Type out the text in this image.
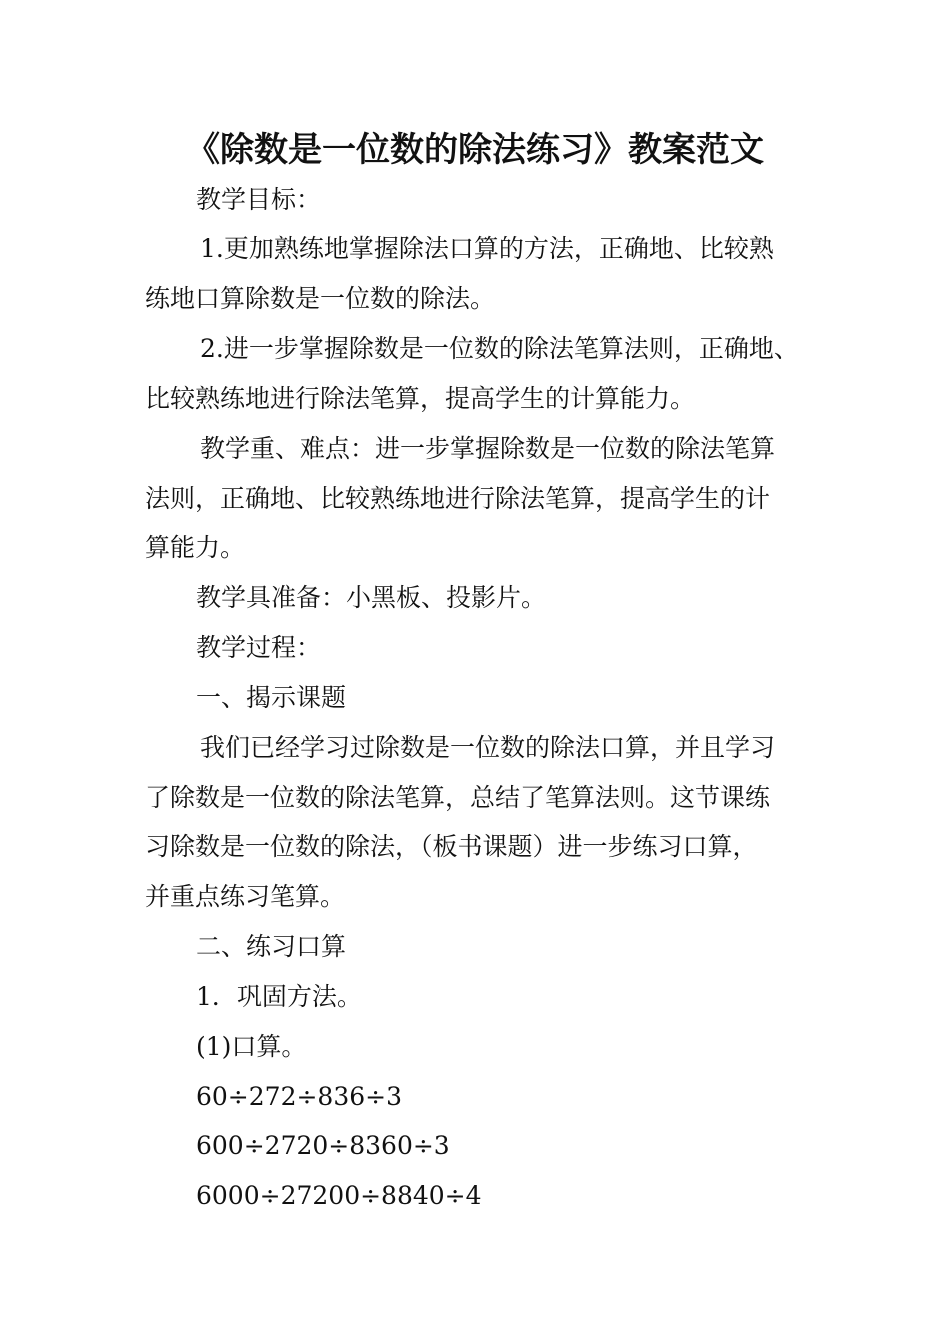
《除数是一位数的除法练习》教案范文

教学目标：

1.更加熟练地掌握除法口算的方法，正确地、比较熟

练地口算除数是一位数的除法。

2.进一步掌握除数是一位数的除法笔算法则，正确地、

比较熟练地进行除法笔算，提高学生的计算能力。

教学重、难点：进一步掌握除数是一位数的除法笔算

法则，正确地、比较熟练地进行除法笔算，提高学生的计

算能力。

教学具准备：小黑板、投影片。

教学过程：

一、揭示课题

我们已经学习过除数是一位数的除法口算，并且学习

了除数是一位数的除法笔算，总结了笔算法则。这节课练

习除数是一位数的除法，（板书课题）进一步练习口算，

并重点练习笔算。

二、练习口算

1．巩固方法。

(1)口算。

60÷272÷836÷3

600÷2720÷8360÷3

6000÷27200÷8840÷4
